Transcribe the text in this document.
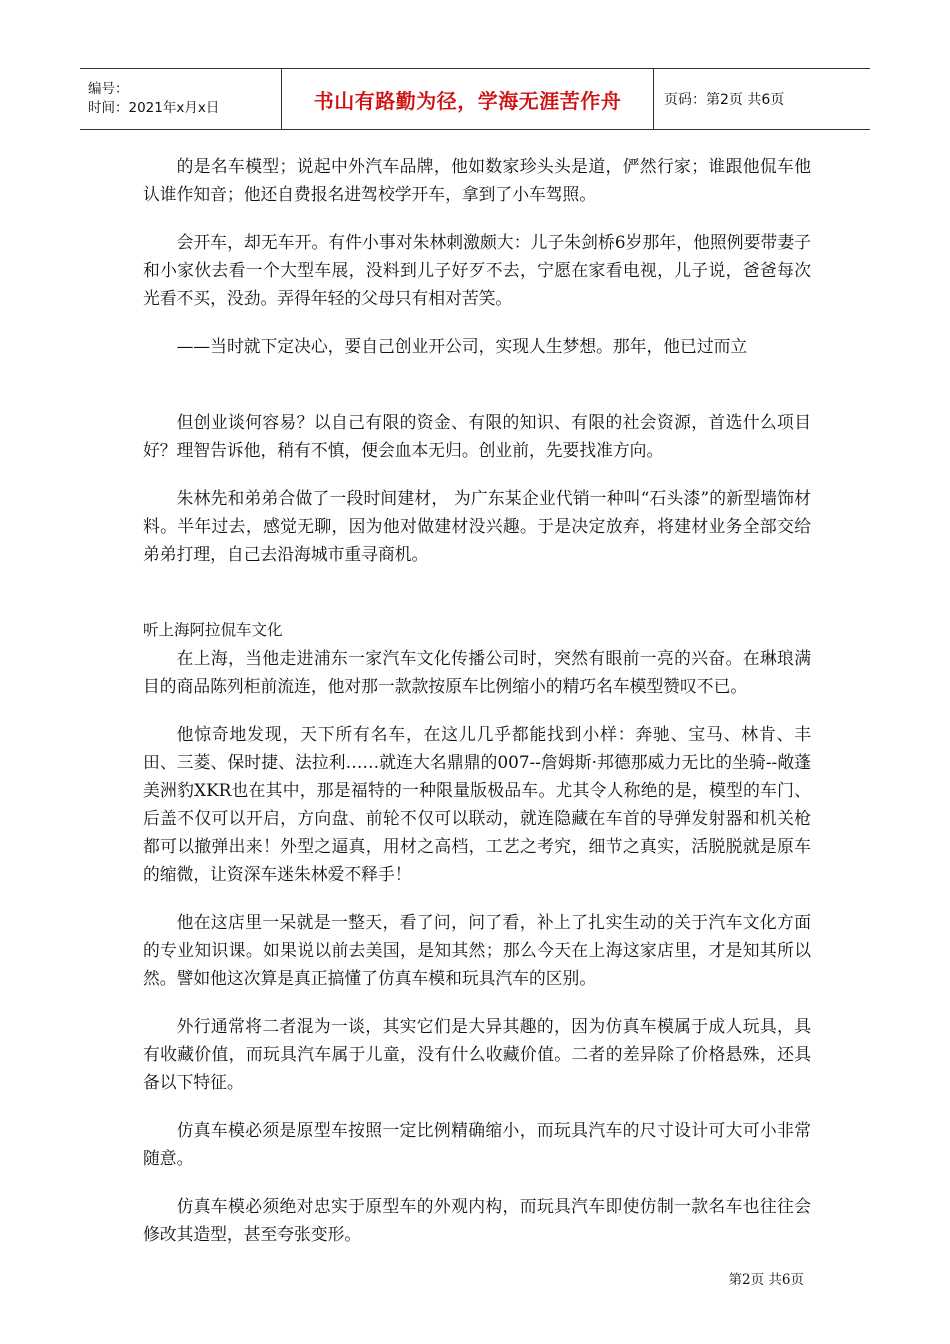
编号：
时间：2021年x月x日	书山有路勤为径，学海无涯苦作舟	页码：第2页 共6页

的是名车模型；说起中外汽车品牌，他如数家珍头头是道，俨然行家；谁跟他侃车他认谁作知音；他还自费报名进驾校学开车，拿到了小车驾照。

会开车，却无车开。有件小事对朱林刺激颇大：儿子朱剑桥6岁那年，他照例要带妻子和小家伙去看一个大型车展，没料到儿子好歹不去，宁愿在家看电视，儿子说，爸爸每次光看不买，没劲。弄得年轻的父母只有相对苦笑。

——当时就下定决心，要自己创业开公司，实现人生梦想。那年，他已过而立

但创业谈何容易？以自己有限的资金、有限的知识、有限的社会资源，首选什么项目好？理智告诉他，稍有不慎，便会血本无归。创业前，先要找准方向。

朱林先和弟弟合做了一段时间建材， 为广东某企业代销一种叫“石头漆”的新型墙饰材料。半年过去，感觉无聊，因为他对做建材没兴趣。于是决定放弃，将建材业务全部交给弟弟打理，自己去沿海城市重寻商机。

听上海阿拉侃车文化

在上海，当他走进浦东一家汽车文化传播公司时，突然有眼前一亮的兴奋。在琳琅满目的商品陈列柜前流连，他对那一款款按原车比例缩小的精巧名车模型赞叹不已。

他惊奇地发现，天下所有名车，在这儿几乎都能找到小样：奔驰、宝马、林肯、丰田、三菱、保时捷、法拉利……就连大名鼎鼎的007--詹姆斯·邦德那威力无比的坐骑--敞蓬美洲豹XKR也在其中，那是福特的一种限量版极品车。尤其令人称绝的是，模型的车门、后盖不仅可以开启，方向盘、前轮不仅可以联动，就连隐藏在车首的导弹发射器和机关枪都可以撤弹出来！外型之逼真，用材之高档，工艺之考究，细节之真实，活脱脱就是原车的缩微，让资深车迷朱林爱不释手！

他在这店里一呆就是一整天，看了问，问了看，补上了扎实生动的关于汽车文化方面的专业知识课。如果说以前去美国，是知其然；那么今天在上海这家店里，才是知其所以然。譬如他这次算是真正搞懂了仿真车模和玩具汽车的区别。

外行通常将二者混为一谈，其实它们是大异其趣的，因为仿真车模属于成人玩具，具有收藏价值，而玩具汽车属于儿童，没有什么收藏价值。二者的差异除了价格悬殊，还具备以下特征。

仿真车模必须是原型车按照一定比例精确缩小，而玩具汽车的尺寸设计可大可小非常随意。

仿真车模必须绝对忠实于原型车的外观内构，而玩具汽车即使仿制一款名车也往往会修改其造型，甚至夸张变形。

第2页 共6页
